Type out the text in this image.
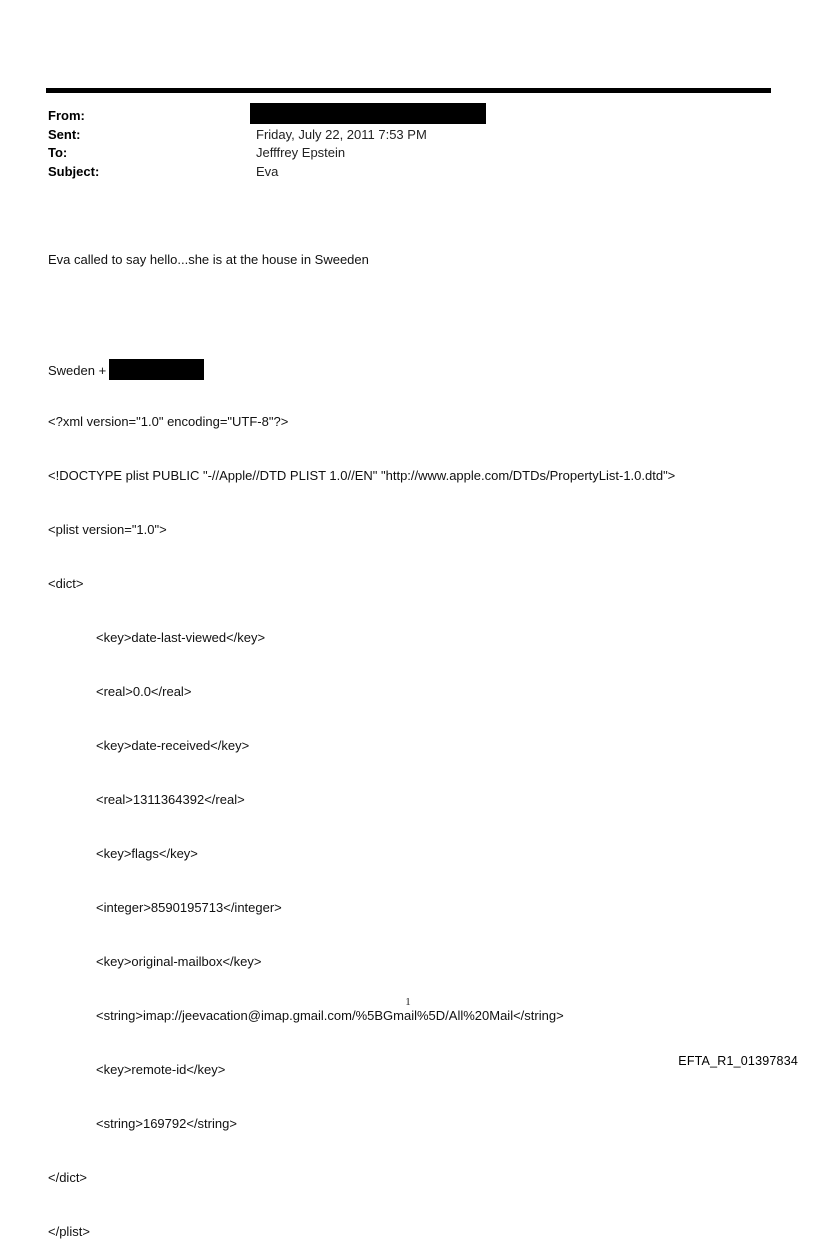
From:
Sent:	Friday, July 22, 2011 7:53 PM
To:	Jefffrey Epstein
Subject:	Eva

Eva called to say hello...she is at the house in Sweeden

Sweden +

<?xml version="1.0" encoding="UTF-8"?>

<!DOCTYPE plist PUBLIC "-//Apple//DTD PLIST 1.0//EN" "http://www.apple.com/DTDs/PropertyList-1.0.dtd">

<plist version="1.0">

<dict>

<key>date-last-viewed</key>

<real>0.0</real>

<key>date-received</key>

<real>1311364392</real>

<key>flags</key>

<integer>8590195713</integer>

<key>original-mailbox</key>

<string>imap://jeevacation@imap.gmail.com/%5BGmail%5D/All%20Mail</string>

<key>remote-id</key>

<string>169792</string>

</dict>

</plist>

1
EFTA_R1_01397834
